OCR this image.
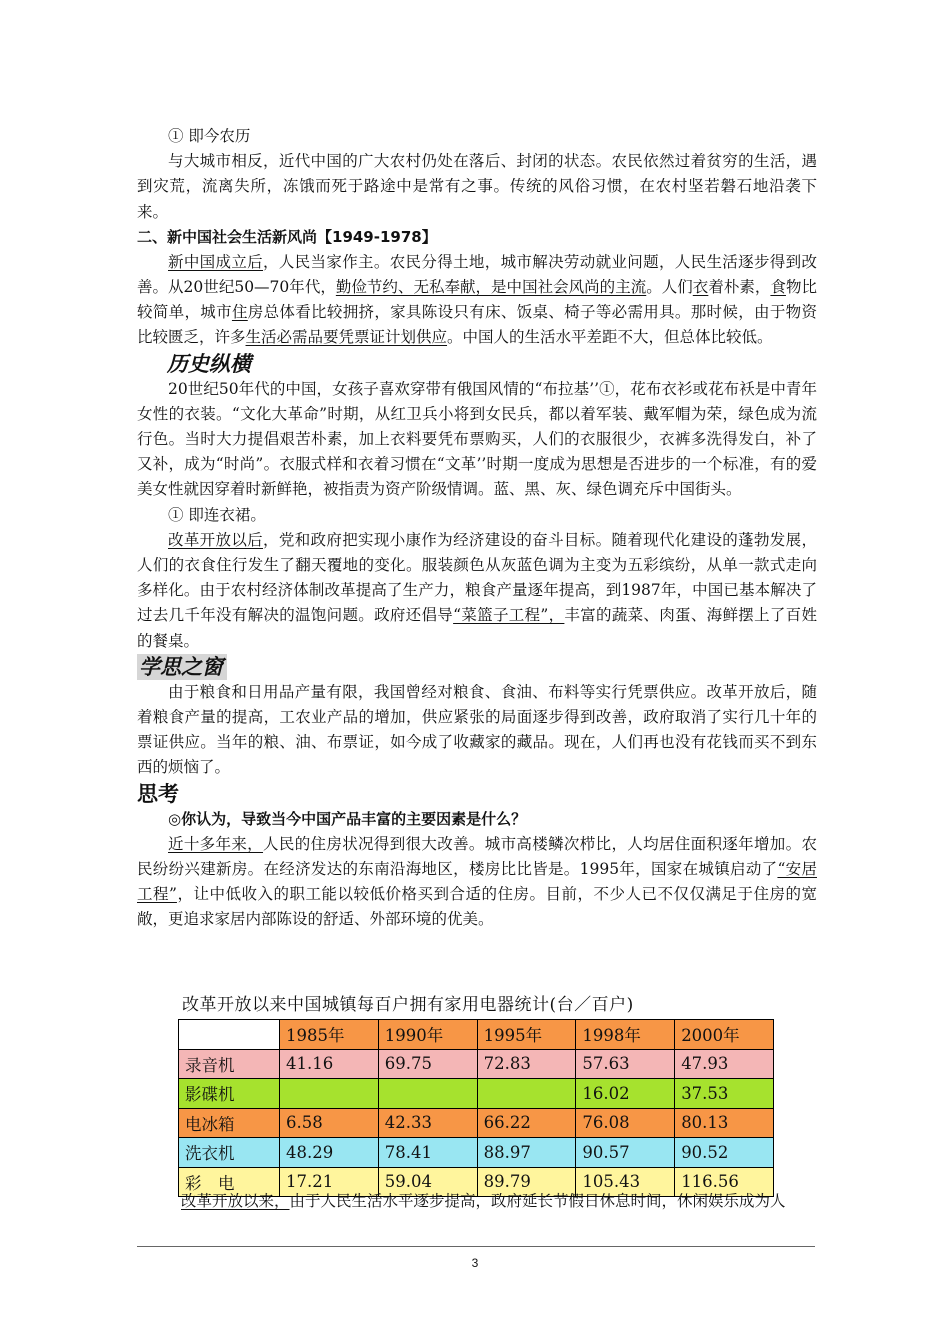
① 即今农历

与大城市相反，近代中国的广大农村仍处在落后、封闭的状态。农民依然过着贫穷的生活，遇到灾荒，流离失所，冻饿而死于路途中是常有之事。传统的风俗习惯，在农村坚若磐石地沿袭下来。

二、新中国社会生活新风尚【1949-1978】

新中国成立后，人民当家作主。农民分得土地，城市解决劳动就业问题，人民生活逐步得到改善。从20世纪50—70年代，勤俭节约、无私奉献，是中国社会风尚的主流。人们衣着朴素，食物比较简单，城市住房总体看比较拥挤，家具陈设只有床、饭桌、椅子等必需用具。那时候，由于物资比较匮乏，许多生活必需品要凭票证计划供应。中国人的生活水平差距不大，但总体比较低。

历史纵横

20世纪50年代的中国，女孩子喜欢穿带有俄国风情的“布拉基’’①，花布衣衫或花布袄是中青年女性的衣装。“文化大革命”时期，从红卫兵小将到女民兵，都以着军装、戴军帽为荣，绿色成为流行色。当时大力提倡艰苦朴素，加上衣料要凭布票购买，人们的衣服很少，衣裤多洗得发白，补了又补，成为“时尚”。衣服式样和衣着习惯在“文革’’时期一度成为思想是否进步的一个标准，有的爱美女性就因穿着时新鲜艳，被指责为资产阶级情调。蓝、黑、灰、绿色调充斥中国街头。

① 即连衣裙。

改革开放以后，党和政府把实现小康作为经济建设的奋斗目标。随着现代化建设的蓬勃发展，人们的衣食住行发生了翻天覆地的变化。服装颜色从灰蓝色调为主变为五彩缤纷，从单一款式走向多样化。由于农村经济体制改革提高了生产力，粮食产量逐年提高，到1987年，中国已基本解决了过去几千年没有解决的温饱问题。政府还倡导“菜篮子工程”，丰富的蔬菜、肉蛋、海鲜摆上了百姓的餐桌。

学思之窗

由于粮食和日用品产量有限，我国曾经对粮食、食油、布料等实行凭票供应。改革开放后，随着粮食产量的提高，工农业产品的增加，供应紧张的局面逐步得到改善，政府取消了实行几十年的票证供应。当年的粮、油、布票证，如今成了收藏家的藏品。现在，人们再也没有花钱而买不到东西的烦恼了。

思考

◎你认为，导致当今中国产品丰富的主要因素是什么？

近十多年来，人民的住房状况得到很大改善。城市高楼鳞次栉比，人均居住面积逐年增加。农民纷纷兴建新房。在经济发达的东南沿海地区，楼房比比皆是。1995年，国家在城镇启动了“安居工程”，让中低收入的职工能以较低价格买到合适的住房。目前，不少人已不仅仅满足于住房的宽敞，更追求家居内部陈设的舒适、外部环境的优美。

改革开放以来中国城镇每百户拥有家用电器统计(台／百户)

	1985年	1990年	1995年	1998年	2000年
录音机	41.16	69.75	72.83	57.63	47.93
影碟机				16.02	37.53
电冰箱	6.58	42.33	66.22	76.08	80.13
洗衣机	48.29	78.41	88.97	90.57	90.52
彩　电	17.21	59.04	89.79	105.43	116.56

改革开放以来，由于人民生活水平逐步提高，政府延长节假日休息时间，休闲娱乐成为人

3
